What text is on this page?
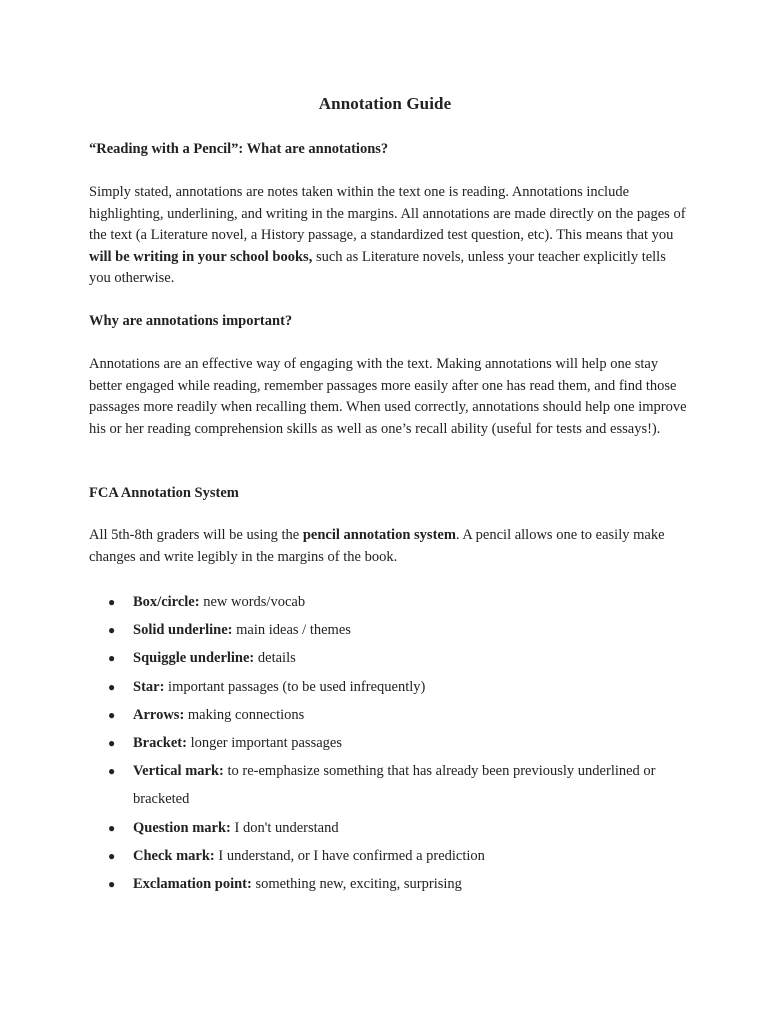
Annotation Guide
“Reading with a Pencil”: What are annotations?

Simply stated, annotations are notes taken within the text one is reading. Annotations include highlighting, underlining, and writing in the margins. All annotations are made directly on the pages of the text (a Literature novel, a History passage, a standardized test question, etc). This means that you will be writing in your school books, such as Literature novels, unless your teacher explicitly tells you otherwise.

Why are annotations important?

Annotations are an effective way of engaging with the text. Making annotations will help one stay better engaged while reading, remember passages more easily after one has read them, and find those passages more readily when recalling them. When used correctly, annotations should help one improve his or her reading comprehension skills as well as one’s recall ability (useful for tests and essays!).

FCA Annotation System

All 5th-8th graders will be using the pencil annotation system. A pencil allows one to easily make changes and write legibly in the margins of the book.

● Box/circle: new words/vocab
● Solid underline: main ideas / themes
● Squiggle underline: details
● Star: important passages (to be used infrequently)
● Arrows: making connections
● Bracket: longer important passages
● Vertical mark: to re-emphasize something that has already been previously underlined or bracketed
● Question mark: I don't understand
● Check mark: I understand, or I have confirmed a prediction
● Exclamation point: something new, exciting, surprising
